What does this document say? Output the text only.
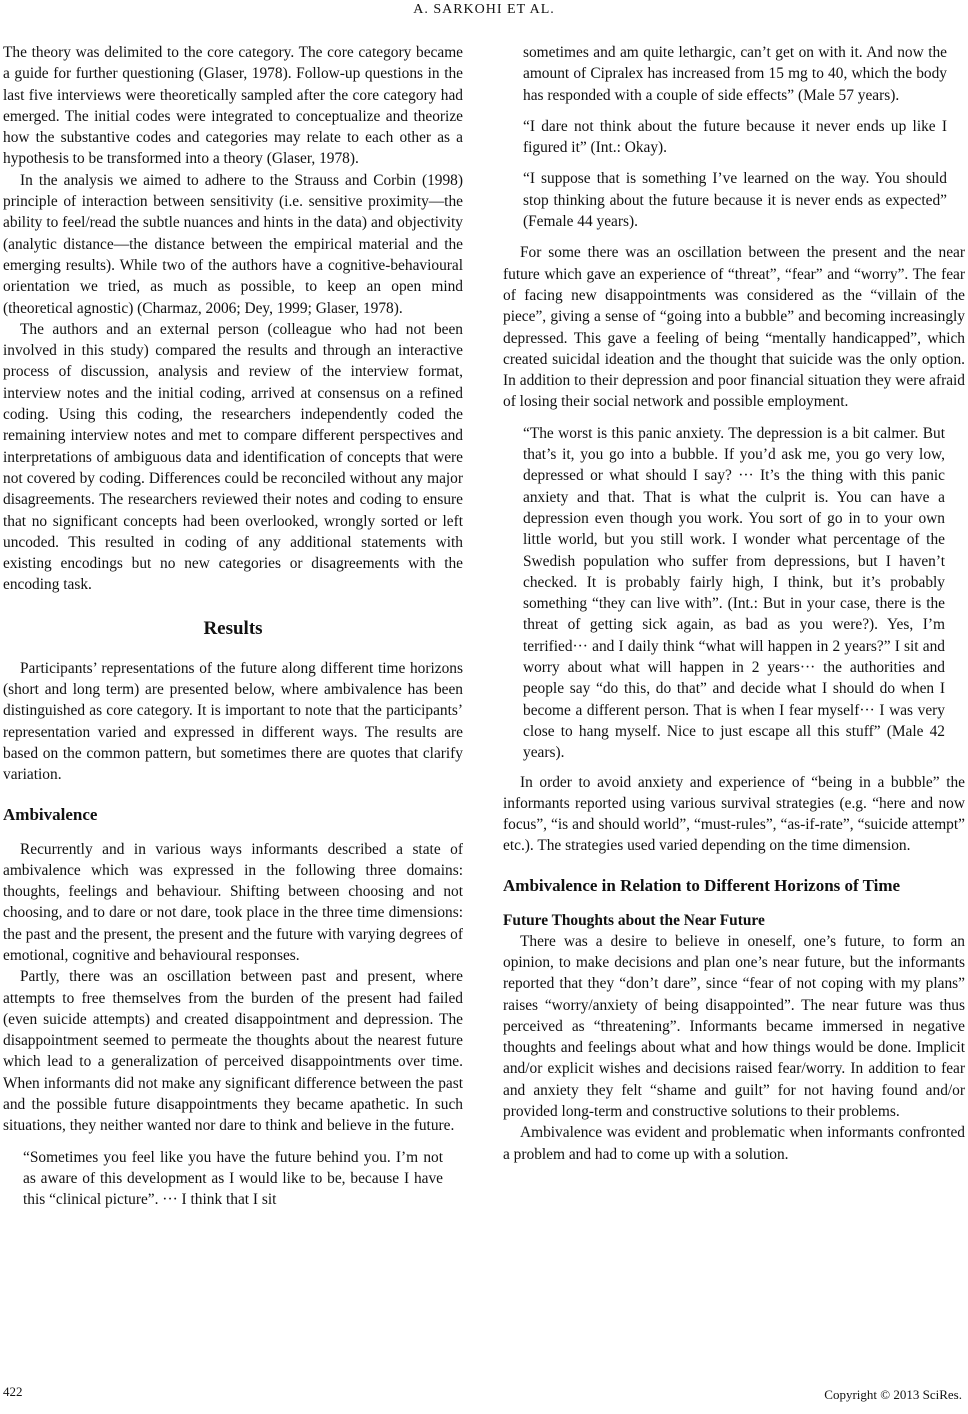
A. SARKOHI ET AL.

The theory was delimited to the core category. The core category became a guide for further questioning (Glaser, 1978). Follow-up questions in the last five interviews were theoretically sampled after the core category had emerged. The initial codes were integrated to conceptualize and theorize how the substantive codes and categories may relate to each other as a hypothesis to be transformed into a theory (Glaser, 1978).

In the analysis we aimed to adhere to the Strauss and Corbin (1998) principle of interaction between sensitivity (i.e. sensitive proximity—the ability to feel/read the subtle nuances and hints in the data) and objectivity (analytic distance—the distance between the empirical material and the emerging results). While two of the authors have a cognitive-behavioural orientation we tried, as much as possible, to keep an open mind (theoretical agnostic) (Charmaz, 2006; Dey, 1999; Glaser, 1978).

The authors and an external person (colleague who had not been involved in this study) compared the results and through an interactive process of discussion, analysis and review of the interview format, interview notes and the initial coding, arrived at consensus on a refined coding. Using this coding, the researchers independently coded the remaining interview notes and met to compare different perspectives and interpretations of ambiguous data and identification of concepts that were not covered by coding. Differences could be reconciled without any major disagreements. The researchers reviewed their notes and coding to ensure that no significant concepts had been overlooked, wrongly sorted or left uncoded. This resulted in coding of any additional statements with existing encodings but no new categories or disagreements with the encoding task.

Results

Participants’ representations of the future along different time horizons (short and long term) are presented below, where ambivalence has been distinguished as core category. It is important to note that the participants’ representation varied and expressed in different ways. The results are based on the common pattern, but sometimes there are quotes that clarify variation.

Ambivalence

Recurrently and in various ways informants described a state of ambivalence which was expressed in the following three domains: thoughts, feelings and behaviour. Shifting between choosing and not choosing, and to dare or not dare, took place in the three time dimensions: the past and the present, the present and the future with varying degrees of emotional, cognitive and behavioural responses.

Partly, there was an oscillation between past and present, where attempts to free themselves from the burden of the present had failed (even suicide attempts) and created disappointment and depression. The disappointment seemed to permeate the thoughts about the nearest future which lead to a generalization of perceived disappointments over time. When informants did not make any significant difference between the past and the possible future disappointments they became apathetic. In such situations, they neither wanted nor dare to think and believe in the future.

“Sometimes you feel like you have the future behind you. I’m not as aware of this development as I would like to be, because I have this “clinical picture”. ··· I think that I sit

sometimes and am quite lethargic, can’t get on with it. And now the amount of Cipralex has increased from 15 mg to 40, which the body has responded with a couple of side effects” (Male 57 years).

“I dare not think about the future because it never ends up like I figured it” (Int.: Okay).

“I suppose that is something I’ve learned on the way. You should stop thinking about the future because it is never ends as expected” (Female 44 years).

For some there was an oscillation between the present and the near future which gave an experience of “threat”, “fear” and “worry”. The fear of facing new disappointments was considered as the “villain of the piece”, giving a sense of “going into a bubble” and becoming increasingly depressed. This gave a feeling of being “mentally handicapped”, which created suicidal ideation and the thought that suicide was the only option. In addition to their depression and poor financial situation they were afraid of losing their social network and possible employment.

“The worst is this panic anxiety. The depression is a bit calmer. But that’s it, you go into a bubble. If you’d ask me, you go very low, depressed or what should I say? ··· It’s the thing with this panic anxiety and that. That is what the culprit is. You can have a depression even though you work. You sort of go in to your own little world, but you still work. I wonder what percentage of the Swedish population who suffer from depressions, but I haven’t checked. It is probably fairly high, I think, but it’s probably something “they can live with”. (Int.: But in your case, there is the threat of getting sick again, as bad as you were?). Yes, I’m terrified··· and I daily think “what will happen in 2 years?” I sit and worry about what will happen in 2 years··· the authorities and people say “do this, do that” and decide what I should do when I become a different person. That is when I fear myself··· I was very close to hang myself. Nice to just escape all this stuff” (Male 42 years).

In order to avoid anxiety and experience of “being in a bubble” the informants reported using various survival strategies (e.g. “here and now focus”, “is and should world”, “must-rules”, “as-if-rate”, “suicide attempt” etc.). The strategies used varied depending on the time dimension.

Ambivalence in Relation to Different Horizons of Time
Future Thoughts about the Near Future

There was a desire to believe in oneself, one’s future, to form an opinion, to make decisions and plan one’s near future, but the informants reported that they “don’t dare”, since “fear of not coping with my plans” raises “worry/anxiety of being disappointed”. The near future was thus perceived as “threatening”. Informants became immersed in negative thoughts and feelings about what and how things would be done. Implicit and/or explicit wishes and decisions raised fear/worry. In addition to fear and anxiety they felt “shame and guilt” for not having found and/or provided long-term and constructive solutions to their problems.

Ambivalence was evident and problematic when informants confronted a problem and had to come up with a solution.

422	Copyright © 2013 SciRes.
